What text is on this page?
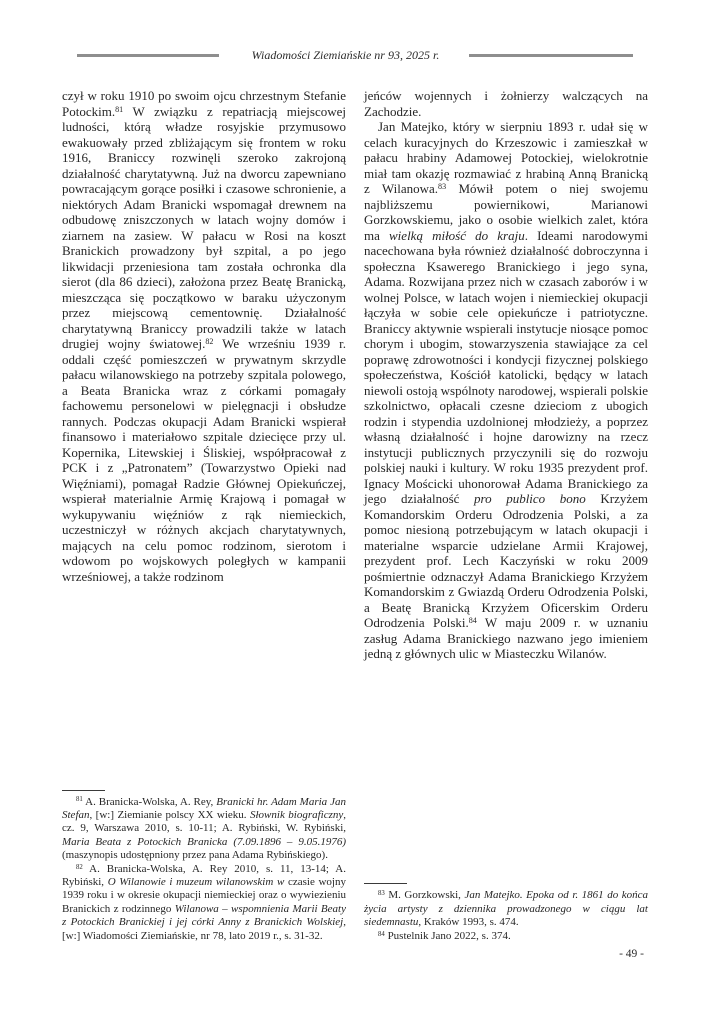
Wiadomości Ziemiańskie nr 93, 2025 r.

czył w roku 1910 po swoim ojcu chrzestnym Stefanie Potockim.$^{81}$ W związku z repatriacją miejscowej ludności, którą władze rosyjskie przymusowo ewakuowały przed zbliżającym się frontem w roku 1916, Braniccy rozwinęli szeroko zakrojoną działalność charytatywną. Już na dworcu zapewniano powracającym gorące posiłki i czasowe schronienie, a niektórych Adam Branicki wspomagał drewnem na odbudowę zniszczonych w latach wojny domów i ziarnem na zasiew. W pałacu w Rosi na koszt Branickich prowadzony był szpital, a po jego likwidacji przeniesiona tam została ochronka dla sierot (dla 86 dzieci), założona przez Beatę Branicką, mieszcząca się początkowo w baraku użyczonym przez miejscową cementownię. Działalność charytatywną Braniccy prowadzili także w latach drugiej wojny światowej.$^{82}$ We wrześniu 1939 r. oddali część pomieszczeń w prywatnym skrzydle pałacu wilanowskiego na potrzeby szpitala polowego, a Beata Branicka wraz z córkami pomagały fachowemu personelowi w pielęgnacji i obsłudze rannych. Podczas okupacji Adam Branicki wspierał finansowo i materiałowo szpitale dziecięce przy ul. Kopernika, Litewskiej i Śliskiej, współpracował z PCK i z „Patronatem” (Towarzystwo Opieki nad Więźniami), pomagał Radzie Głównej Opiekuńczej, wspierał materialnie Armię Krajową i pomagał w wykupywaniu więźniów z rąk niemieckich, uczestniczył w różnych akcjach charytatywnych, mających na celu pomoc rodzinom, sierotom i wdowom po wojskowych poległych w kampanii wrześniowej, a także rodzinom

$^{81}$ A. Branicka-Wolska, A. Rey, Branicki hr. Adam Maria Jan Stefan, [w:] Ziemianie polscy XX wieku. Słownik biograficzny, cz. 9, Warszawa 2010, s. 10-11; A. Rybiński, W. Rybiński, Maria Beata z Potockich Branicka (7.09.1896 – 9.05.1976) (maszynopis udostępniony przez pana Adama Rybińskiego).

$^{82}$ A. Branicka-Wolska, A. Rey 2010, s. 11, 13-14; A. Rybiński, O Wilanowie i muzeum wilanowskim w czasie wojny 1939 roku i w okresie okupacji niemieckiej oraz o wywiezieniu Branickich z rodzinnego Wilanowa – wspomnienia Marii Beaty z Potockich Branickiej i jej córki Anny z Branickich Wolskiej, [w:] Wiadomości Ziemiańskie, nr 78, lato 2019 r., s. 31-32.

jeńców wojennych i żołnierzy walczących na Zachodzie.

Jan Matejko, który w sierpniu 1893 r. udał się w celach kuracyjnych do Krzeszowic i zamieszkał w pałacu hrabiny Adamowej Potockiej, wielokrotnie miał tam okazję rozmawiać z hrabiną Anną Branicką z Wilanowa.$^{83}$ Mówił potem o niej swojemu najbliższemu powiernikowi, Marianowi Gorzkowskiemu, jako o osobie wielkich zalet, która ma wielką miłość do kraju. Ideami narodowymi nacechowana była również działalność dobroczynna i społeczna Ksawerego Branickiego i jego syna, Adama. Rozwijana przez nich w czasach zaborów i w wolnej Polsce, w latach wojen i niemieckiej okupacji łączyła w sobie cele opiekuńcze i patriotyczne. Braniccy aktywnie wspierali instytucje niosące pomoc chorym i ubogim, stowarzyszenia stawiające za cel poprawę zdrowotności i kondycji fizycznej polskiego społeczeństwa, Kościół katolicki, będący w latach niewoli ostoją wspólnoty narodowej, wspierali polskie szkolnictwo, opłacali czesne dzieciom z ubogich rodzin i stypendia uzdolnionej młodzieży, a poprzez własną działalność i hojne darowizny na rzecz instytucji publicznych przyczynili się do rozwoju polskiej nauki i kultury. W roku 1935 prezydent prof. Ignacy Mościcki uhonorował Adama Branickiego za jego działalność pro publico bono Krzyżem Komandorskim Orderu Odrodzenia Polski, a za pomoc niesioną potrzebującym w latach okupacji i materialne wsparcie udzielane Armii Krajowej, prezydent prof. Lech Kaczyński w roku 2009 pośmiertnie odznaczył Adama Branickiego Krzyżem Komandorskim z Gwiazdą Orderu Odrodzenia Polski, a Beatę Branicką Krzyżem Oficerskim Orderu Odrodzenia Polski.$^{84}$ W maju 2009 r. w uznaniu zasług Adama Branickiego nazwano jego imieniem jedną z głównych ulic w Miasteczku Wilanów.

$^{83}$ M. Gorzkowski, Jan Matejko. Epoka od r. 1861 do końca życia artysty z dziennika prowadzonego w ciągu lat siedemnastu, Kraków 1993, s. 474.

$^{84}$ Pustelnik Jano 2022, s. 374.

- 49 -
